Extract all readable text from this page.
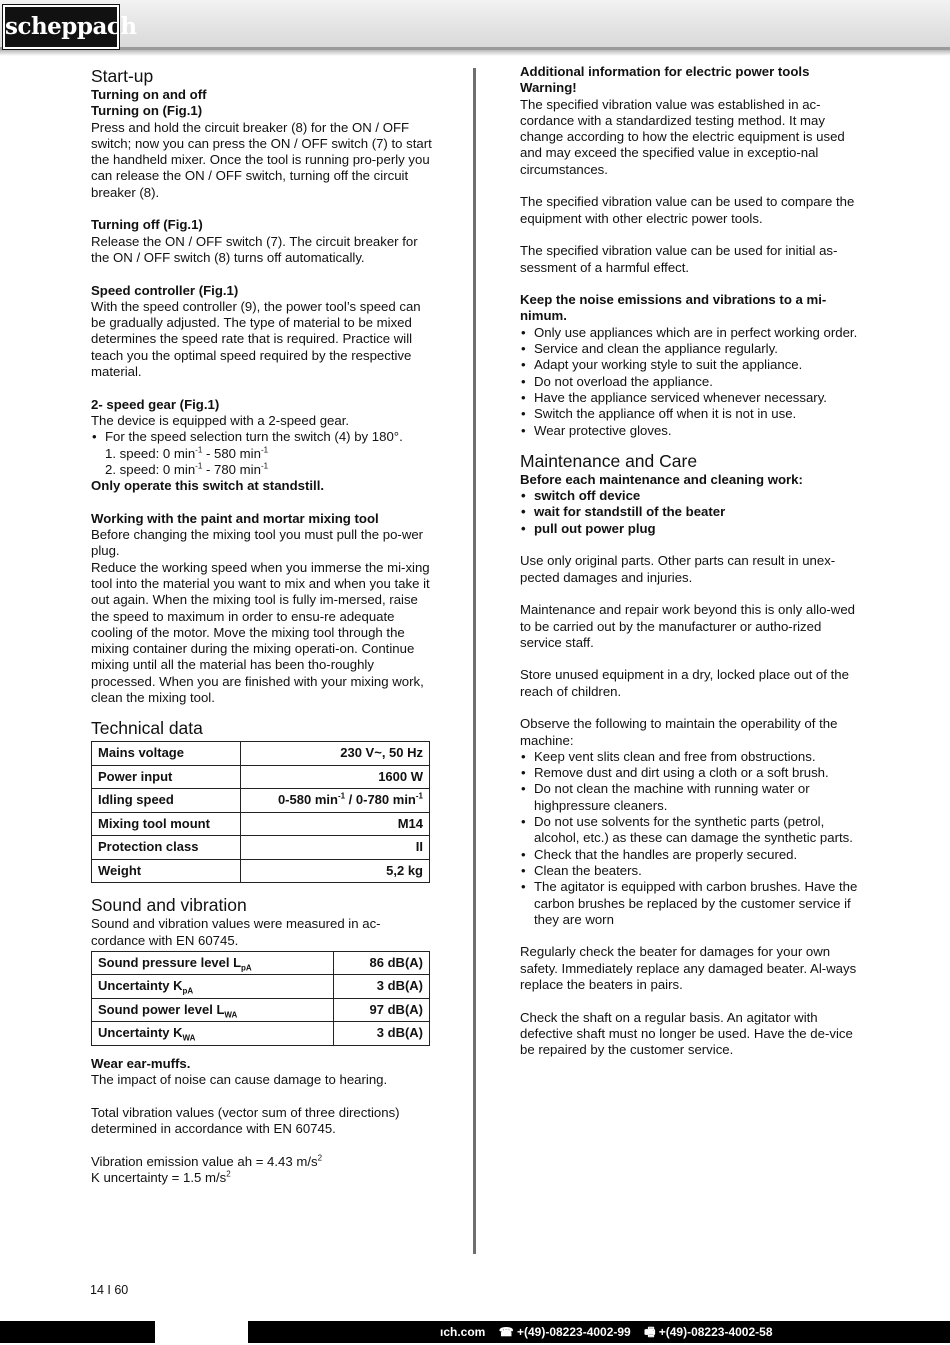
scheppach
Start-up

Turning on and off

Turning on (Fig.1)

Press and hold the circuit breaker (8) for the ON / OFF switch; now you can press the ON / OFF switch (7) to start the handheld mixer. Once the tool is running pro-perly you can release the ON / OFF switch, turning off the circuit breaker (8).

Turning off (Fig.1)

Release the ON / OFF switch (7). The circuit breaker for the ON / OFF switch (8) turns off automatically.

Speed controller (Fig.1)

With the speed controller (9), the power tool’s speed can be gradually adjusted. The type of material to be mixed determines the speed rate that is required. Practice will teach you the optimal speed required by the respective material.

2- speed gear (Fig.1)

The device is equipped with a 2-speed gear.

• For the speed selection turn the switch (4) by 180°.

1. speed: 0 $\min^{-1} - 580$ $\min^{-1}$

2. speed: 0 $\min^{-1} - 780$ $\min^{-1}$

Only operate this switch at standstill.

Working with the paint and mortar mixing tool

Before changing the mixing tool you must pull the po-wer plug.

Reduce the working speed when you immerse the mi-xing tool into the material you want to mix and when you take it out again. When the mixing tool is fully im-mersed, raise the speed to maximum in order to ensu-re adequate cooling of the motor. Move the mixing tool through the mixing container during the mixing operati-on. Continue mixing until all the material has been tho-roughly processed. When you are finished with your mixing work, clean the mixing tool.

Technical data
Mains voltage	230 V~, 50 Hz
Power input	1600 W
Idling speed	0-580 $\min^{-1} / 0-780$ $\min^{-1}$
Mixing tool mount	M14
Protection class	II
Weight	5,2 kg
Sound and vibration

Sound and vibration values were measured in ac-cordance with EN 60745.

Sound pressure level $L_{pA}$	86 dB(A)
Uncertainty $K_{pA}$	3 dB(A)
Sound power level $L_{WA}$	97 dB(A)
Uncertainty $K_{WA}$	3 dB(A)

Wear ear-muffs.

The impact of noise can cause damage to hearing.

Total vibration values (vector sum of three directions) determined in accordance with EN 60745.

Vibration emission value ah = 4.43 $m/s^2$

K uncertainty = 1.5 $m/s^2$

Additional information for electric power tools

Warning!

The specified vibration value was established in ac-cordance with a standardized testing method. It may change according to how the electric equipment is used and may exceed the specified value in exceptio-nal circumstances.

The specified vibration value can be used to compare the equipment with other electric power tools.

The specified vibration value can be used for initial as-sessment of a harmful effect.

Keep the noise emissions and vibrations to a mi-nimum.

• Only use appliances which are in perfect working order.
• Service and clean the appliance regularly.
• Adapt your working style to suit the appliance.
• Do not overload the appliance.
• Have the appliance serviced whenever necessary.
• Switch the appliance off when it is not in use.
• Wear protective gloves.
Maintenance and Care

Before each maintenance and cleaning work:

• switch off device
• wait for standstill of the beater
• pull out power plug

Use only original parts. Other parts can result in unex-pected damages and injuries.

Maintenance and repair work beyond this is only allo-wed to be carried out by the manufacturer or autho-rized service staff.

Store unused equipment in a dry, locked place out of the reach of children.

Observe the following to maintain the operability of the machine:

• Keep vent slits clean and free from obstructions.
• Remove dust and dirt using a cloth or a soft brush.
• Do not clean the machine with running water or highpressure cleaners.
• Do not use solvents for the synthetic parts (petrol, alcohol, etc.) as these can damage the synthetic parts.
• Check that the handles are properly secured.
• Clean the beaters.
• The agitator is equipped with carbon brushes. Have the carbon brushes be replaced by the customer service if they are worn

Regularly check the beater for damages for your own safety. Immediately replace any damaged beater. Al-ways replace the beaters in pairs.

Check the shaft on a regular basis. An agitator with defective shaft must no longer be used. Have the de-vice be repaired by the customer service.

14 I 60
ıch.com ☎ +(49)-08223-4002-99 🖷 +(49)-08223-4002-58
